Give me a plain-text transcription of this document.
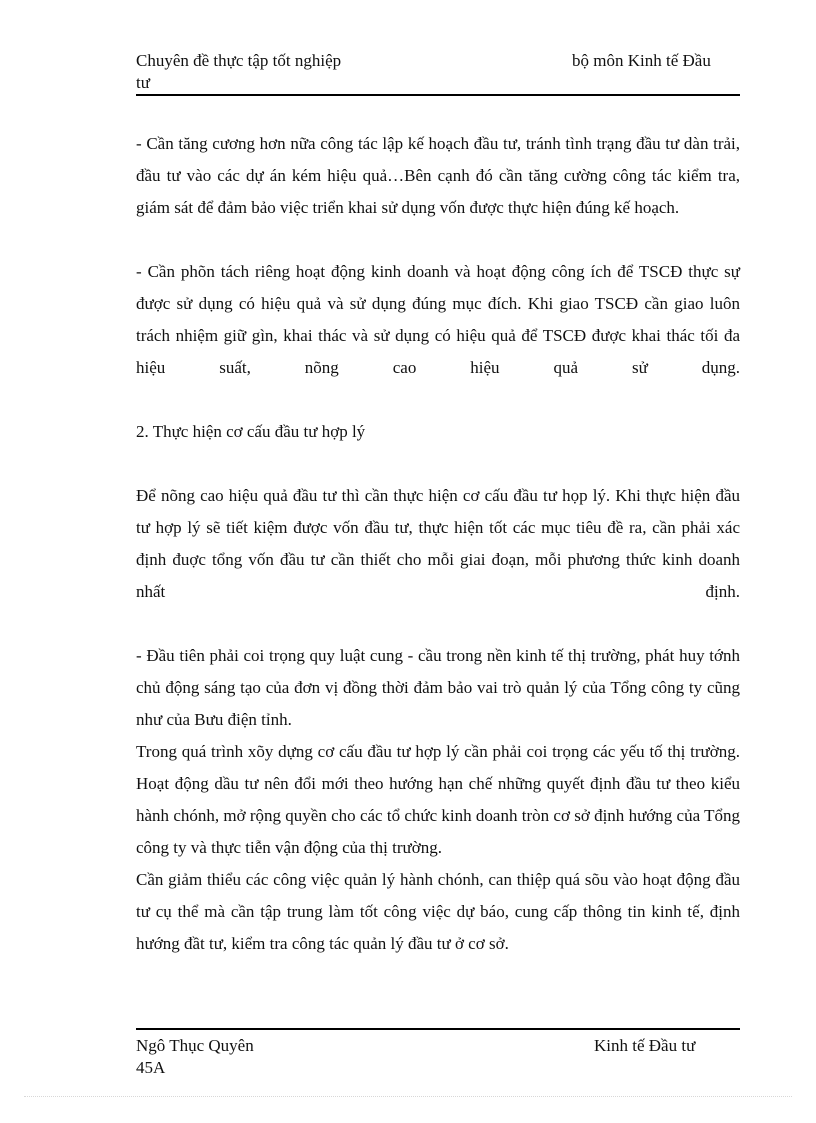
Chuyên đề thực tập tốt nghiệp
tư
bộ môn Kinh tế Đầu

- Cần tăng cương hơn nữa công tác lập kế hoạch đầu tư, tránh tình trạng đầu tư dàn trải, đầu tư vào các dự án kém hiệu quả…Bên cạnh đó cần tăng cường công tác kiểm tra, giám sát để đảm bảo việc triển khai sử dụng vốn được thực hiện đúng kế hoạch.

- Cần phõn tách riêng hoạt động kinh doanh và hoạt động công ích để TSCĐ thực sự được sử dụng có hiệu quả và sử dụng đúng mục đích. Khi giao TSCĐ cần giao luôn trách nhiệm giữ gìn, khai thác và sử dụng có hiệu quả để TSCĐ được khai thác tối đa hiệu suất, nõng cao hiệu quả sử dụng.

2. Thực hiện cơ cấu đầu tư hợp lý

Để nõng cao hiệu quả đầu tư thì cần thực hiện cơ cấu đầu tư họp lý. Khi thực hiện đầu tư hợp lý sẽ tiết kiệm được vốn đầu tư, thực hiện tốt các mục tiêu đề ra, cần phải xác định đuợc tổng vốn đầu tư cần thiết cho mỗi giai đoạn, mỗi phương thức kinh doanh nhất định.

- Đầu tiên phải coi trọng quy luật cung - cầu trong nền kinh tế thị trường, phát huy tớnh chủ động sáng tạo của đơn vị đồng thời đảm bảo vai trò quản lý của Tổng công ty cũng như của Bưu điện tỉnh.

Trong quá trình xõy dựng cơ cấu đầu tư hợp lý cần phải coi trọng các yếu tố thị trường. Hoạt động dầu tư nên đổi mới theo hướng hạn chế những quyết định đầu tư theo kiểu hành chónh, mở rộng quyền cho các tổ chức kinh doanh tròn cơ sở định hướng của Tổng công ty và thực tiễn vận động của thị trường.

Cần giảm thiểu các công việc quản lý hành chónh, can thiệp quá sõu vào hoạt động đầu tư cụ thể mà cần tập trung làm tốt công việc dự báo, cung cấp thông tin kinh tế, định hướng đầt tư, kiểm tra công tác quản lý đầu tư ở cơ sở.

Ngô Thục Quyên
45A
Kinh tế Đầu tư
